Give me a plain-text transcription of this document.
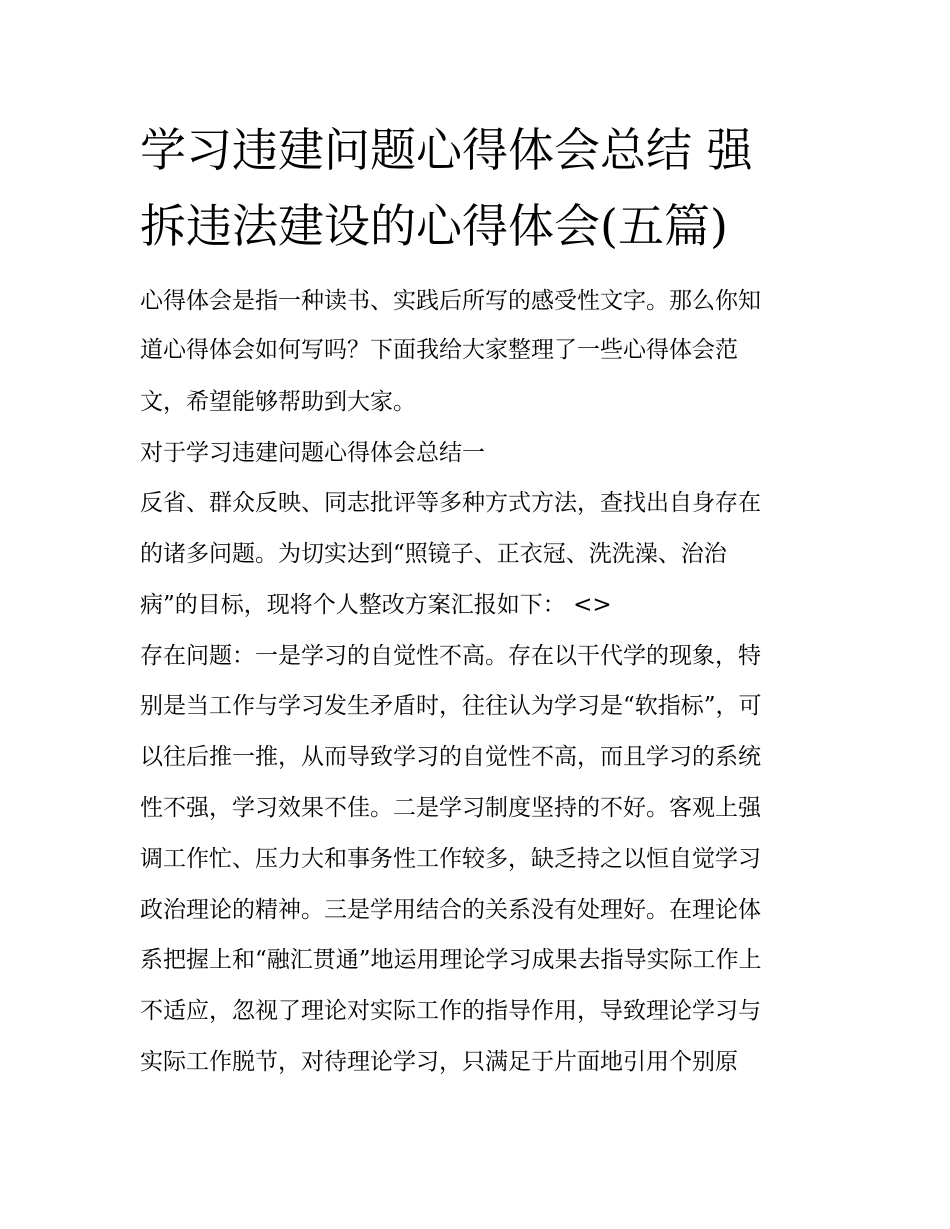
学习违建问题心得体会总结 强
拆违法建设的心得体会(五篇)

心得体会是指一种读书、实践后所写的感受性文字。那么你知

道心得体会如何写吗？下面我给大家整理了一些心得体会范

文，希望能够帮助到大家。

对于学习违建问题心得体会总结一

反省、群众反映、同志批评等多种方式方法，查找出自身存在

的诸多问题。为切实达到“照镜子、正衣冠、洗洗澡、治治

病”的目标，现将个人整改方案汇报如下： <>

存在问题：一是学习的自觉性不高。存在以干代学的现象，特

别是当工作与学习发生矛盾时，往往认为学习是“软指标”，可

以往后推一推，从而导致学习的自觉性不高，而且学习的系统

性不强，学习效果不佳。二是学习制度坚持的不好。客观上强

调工作忙、压力大和事务性工作较多，缺乏持之以恒自觉学习

政治理论的精神。三是学用结合的关系没有处理好。在理论体

系把握上和“融汇贯通”地运用理论学习成果去指导实际工作上

不适应，忽视了理论对实际工作的指导作用，导致理论学习与

实际工作脱节，对待理论学习，只满足于片面地引用个别原
